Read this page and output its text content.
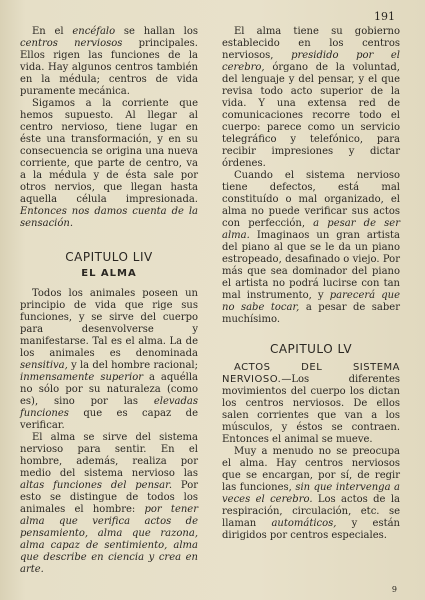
191

En el encéfalo se hallan los centros nerviosos principales. Ellos rigen las funciones de la vida. Hay algunos centros también en la médula; centros de vida puramente mecánica.

Sigamos a la corriente que hemos supuesto. Al llegar al centro nervioso, tiene lugar en éste una transformación, y en su consecuencia se origina una nueva corriente, que parte de centro, va a la médula y de ésta sale por otros nervios, que llegan hasta aquella célula impresionada. Entonces nos damos cuenta de la sensación.

CAPITULO LIV
EL ALMA

Todos los animales poseen un principio de vida que rige sus funciones, y se sirve del cuerpo para desenvolverse y manifestarse. Tal es el alma. La de los animales es denominada sensitiva, y la del hombre racional; inmensamente superior a aquélla no sólo por su naturaleza (como es), sino por las elevadas funciones que es capaz de verificar.

El alma se sirve del sistema nervioso para sentir. En el hombre, además, realiza por medio del sistema nervioso las altas funciones del pensar. Por esto se distingue de todos los animales el hombre: por tener alma que verifica actos de pensamiento, alma que razona, alma capaz de sentimiento, alma que describe en ciencia y crea en arte.

El alma tiene su gobierno establecido en los centros nerviosos, presidido por el cerebro, órgano de la voluntad, del lenguaje y del pensar, y el que revisa todo acto superior de la vida. Y una extensa red de comunicaciones recorre todo el cuerpo: parece como un servicio telegráfico y telefónico, para recibir impresiones y dictar órdenes.

Cuando el sistema nervioso tiene defectos, está mal constituído o mal organizado, el alma no puede verificar sus actos con perfección, a pesar de ser alma. Imaginaos un gran artista del piano al que se le da un piano estropeado, desafinado o viejo. Por más que sea dominador del piano el artista no podrá lucirse con tan mal instrumento, y parecerá que no sabe tocar, a pesar de saber muchísimo.

CAPITULO LV

ACTOS DEL SISTEMA NERVIOSO.—Los diferentes movimientos del cuerpo los dictan los centros nerviosos. De ellos salen corrientes que van a los músculos, y éstos se contraen. Entonces el animal se mueve.

Muy a menudo no se preocupa el alma. Hay centros nerviosos que se encargan, por sí, de regir las funciones, sin que intervenga a veces el cerebro. Los actos de la respiración, circulación, etc. se llaman automáticos, y están dirigidos por centros especiales.

9
